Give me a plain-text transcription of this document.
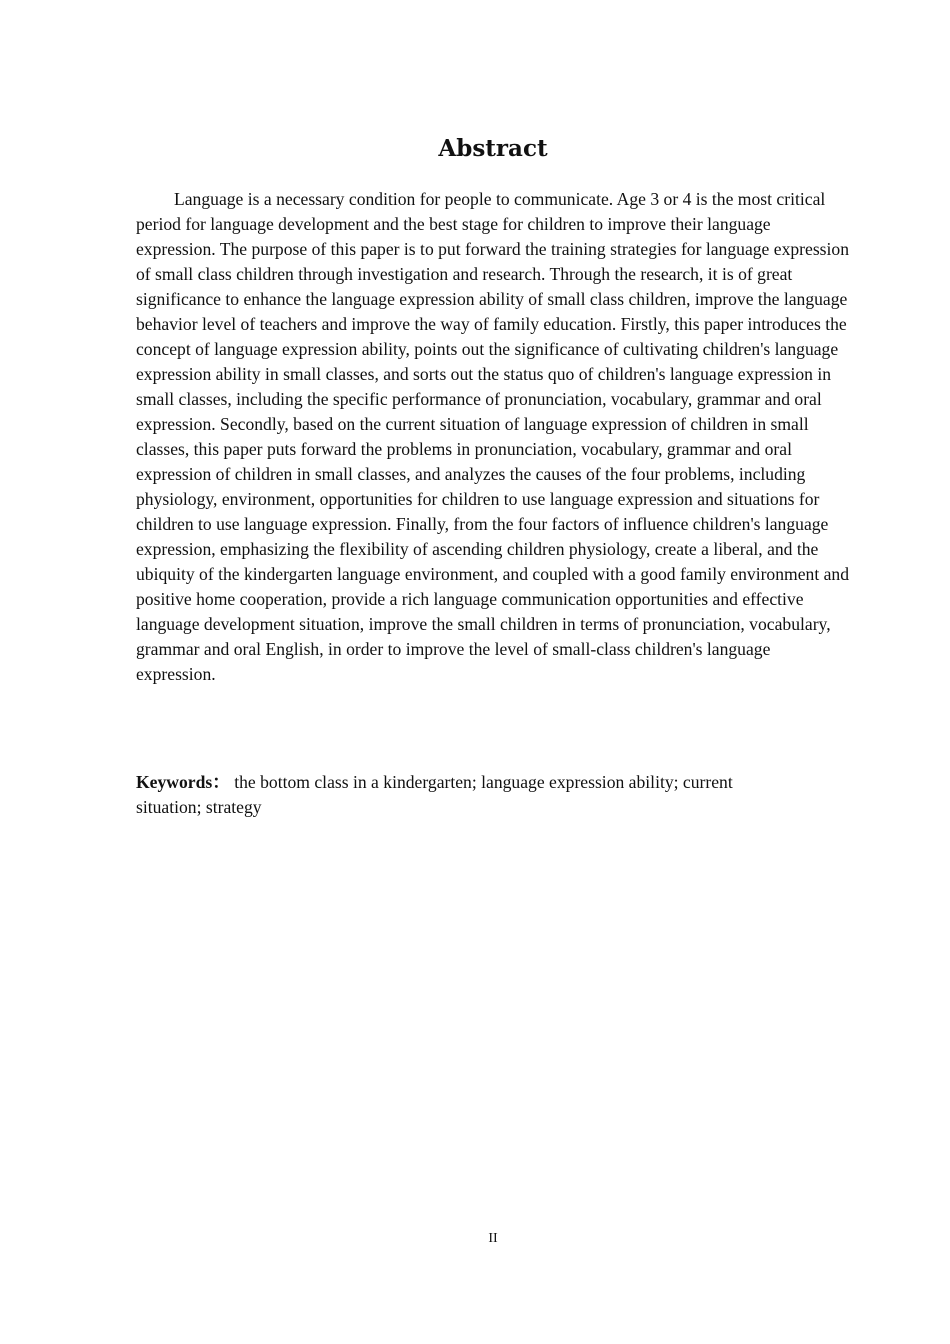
Abstract

Language is a necessary condition for people to communicate. Age 3 or 4 is the most critical period for language development and the best stage for children to improve their language expression. The purpose of this paper is to put forward the training strategies for language expression of small class children through investigation and research. Through the research, it is of great significance to enhance the language expression ability of small class children, improve the language behavior level of teachers and improve the way of family education. Firstly, this paper introduces the concept of language expression ability, points out the significance of cultivating children's language expression ability in small classes, and sorts out the status quo of children's language expression in small classes, including the specific performance of pronunciation, vocabulary, grammar and oral expression. Secondly, based on the current situation of language expression of children in small classes, this paper puts forward the problems in pronunciation, vocabulary, grammar and oral expression of children in small classes, and analyzes the causes of the four problems, including physiology, environment, opportunities for children to use language expression and situations for children to use language expression. Finally, from the four factors of influence children's language expression, emphasizing the flexibility of ascending children physiology, create a liberal, and the ubiquity of the kindergarten language environment, and coupled with a good family environment and positive home cooperation, provide a rich language communication opportunities and effective language development situation, improve the small children in terms of pronunciation, vocabulary, grammar and oral English, in order to improve the level of small-class children's language expression.

Keywords： the bottom class in a kindergarten; language expression ability; current situation; strategy

II
